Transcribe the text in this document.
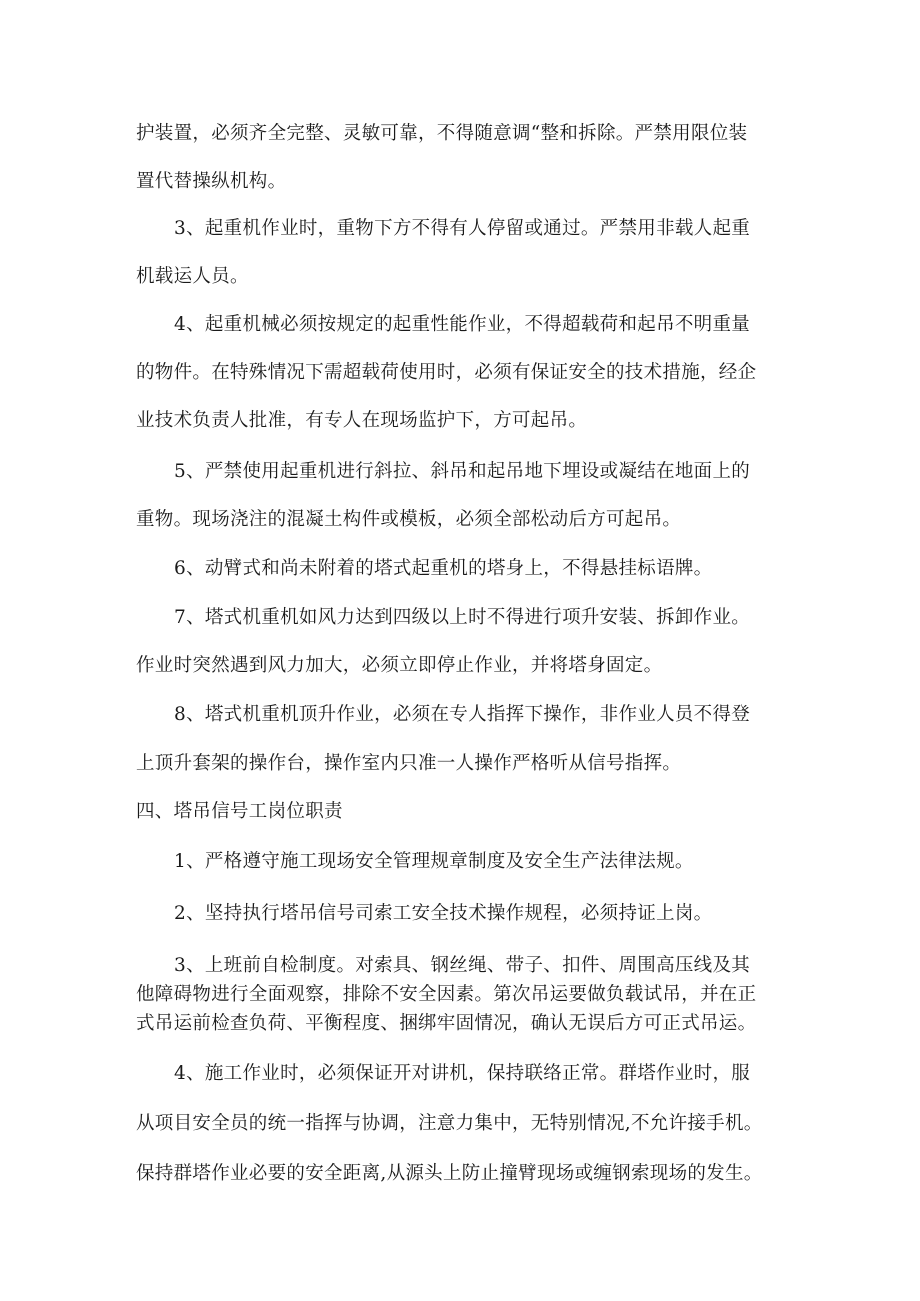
护装置，必须齐全完整、灵敏可靠，不得随意调“整和拆除。严禁用限位装
置代替操纵机构。
3、起重机作业时，重物下方不得有人停留或通过。严禁用非载人起重
机载运人员。
4、起重机械必须按规定的起重性能作业，不得超载荷和起吊不明重量
的物件。在特殊情况下需超载荷使用时，必须有保证安全的技术措施，经企
业技术负责人批准，有专人在现场监护下，方可起吊。
5、严禁使用起重机进行斜拉、斜吊和起吊地下埋设或凝结在地面上的
重物。现场浇注的混凝土构件或模板，必须全部松动后方可起吊。
6、动臂式和尚未附着的塔式起重机的塔身上，不得悬挂标语牌。
7、塔式机重机如风力达到四级以上时不得进行项升安装、拆卸作业。
作业时突然遇到风力加大，必须立即停止作业，并将塔身固定。
8、塔式机重机顶升作业，必须在专人指挥下操作，非作业人员不得登
上顶升套架的操作台，操作室内只准一人操作严格听从信号指挥。
四、塔吊信号工岗位职责
1、严格遵守施工现场安全管理规章制度及安全生产法律法规。
2、坚持执行塔吊信号司索工安全技术操作规程，必须持证上岗。
3、上班前自检制度。对索具、钢丝绳、带子、扣件、周围高压线及其
他障碍物进行全面观察，排除不安全因素。第次吊运要做负载试吊，并在正
式吊运前检查负荷、平衡程度、捆绑牢固情况，确认无误后方可正式吊运。
4、施工作业时，必须保证开对讲机，保持联络正常。群塔作业时，服
从项目安全员的统一指挥与协调，注意力集中，无特别情况,不允许接手机。
保持群塔作业必要的安全距离,从源头上防止撞臂现场或缠钢索现场的发生。
